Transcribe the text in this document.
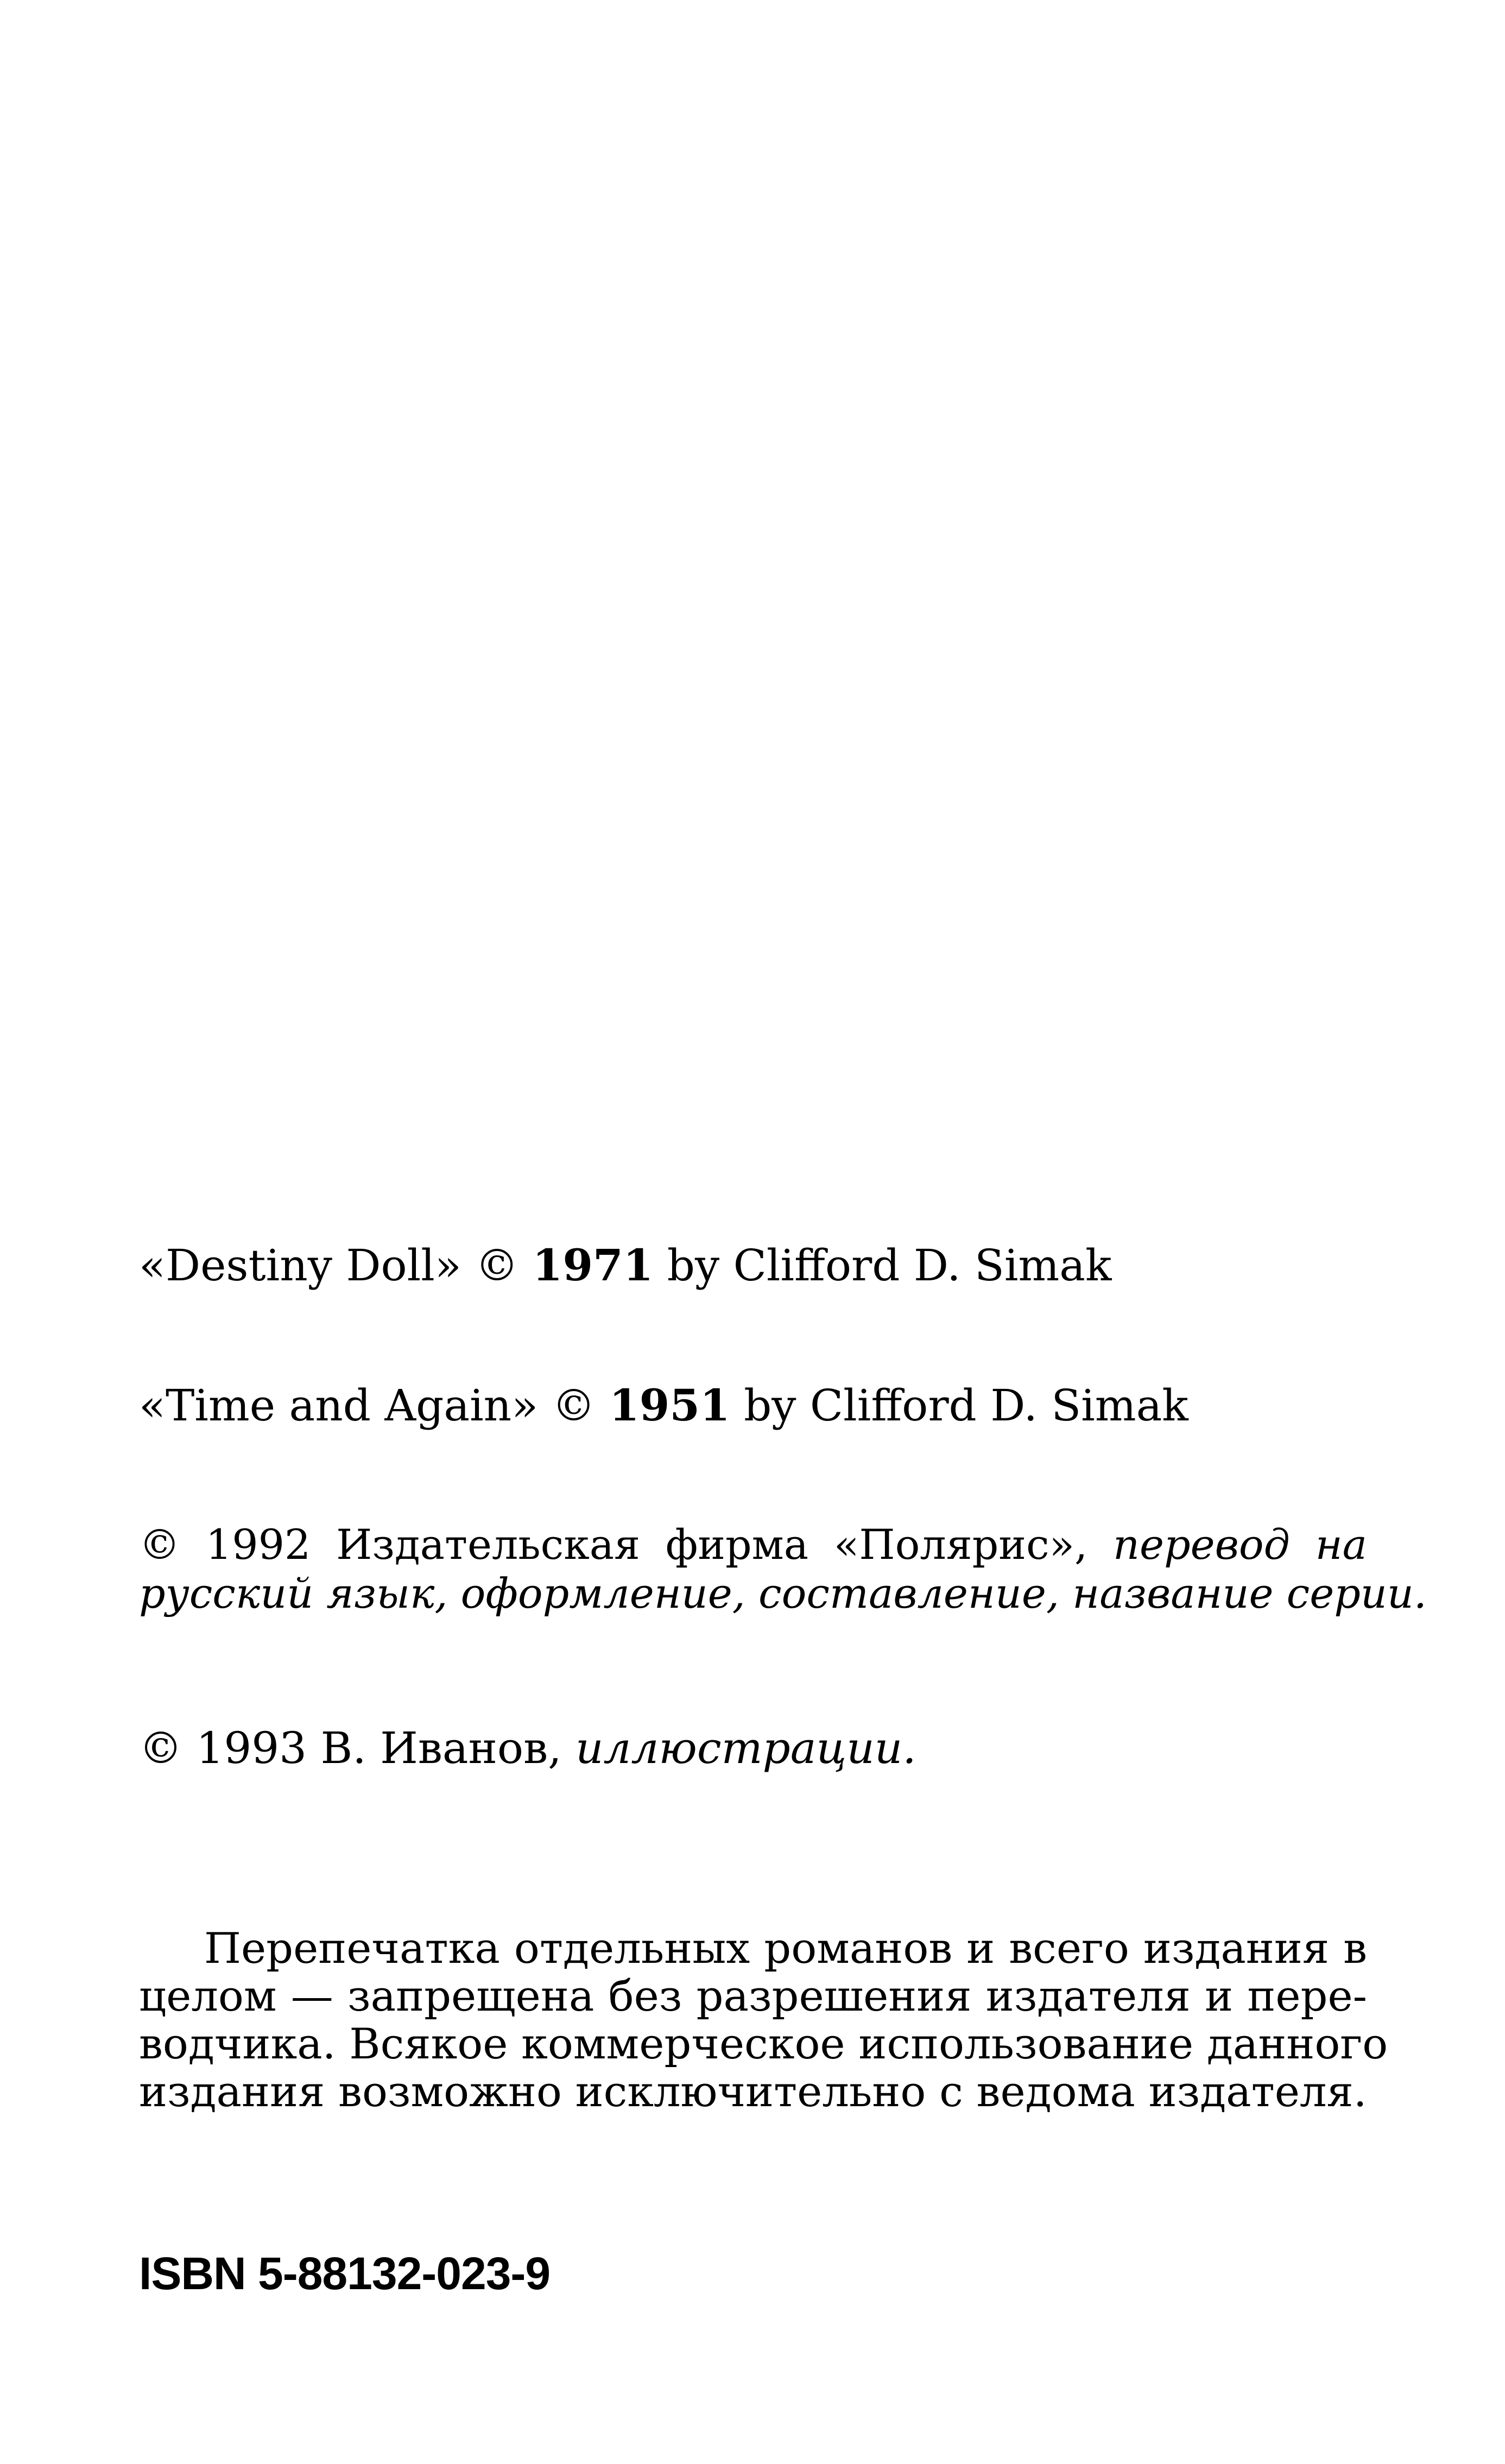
«Destiny Doll» © 1971 by Clifford D. Simak
«Time and Again» © 1951 by Clifford D. Simak
© 1992 Издательская фирма «Полярис», перевод на
русский язык, оформление, составление, название серии.
© 1993 В. Иванов, иллюстрации.
Перепечатка отдельных романов и всего издания в
целом — запрещена без разрешения издателя и пере-
водчика. Всякое коммерческое использование данного
издания возможно исключительно с ведома издателя.
ISBN 5-88132-023-9
